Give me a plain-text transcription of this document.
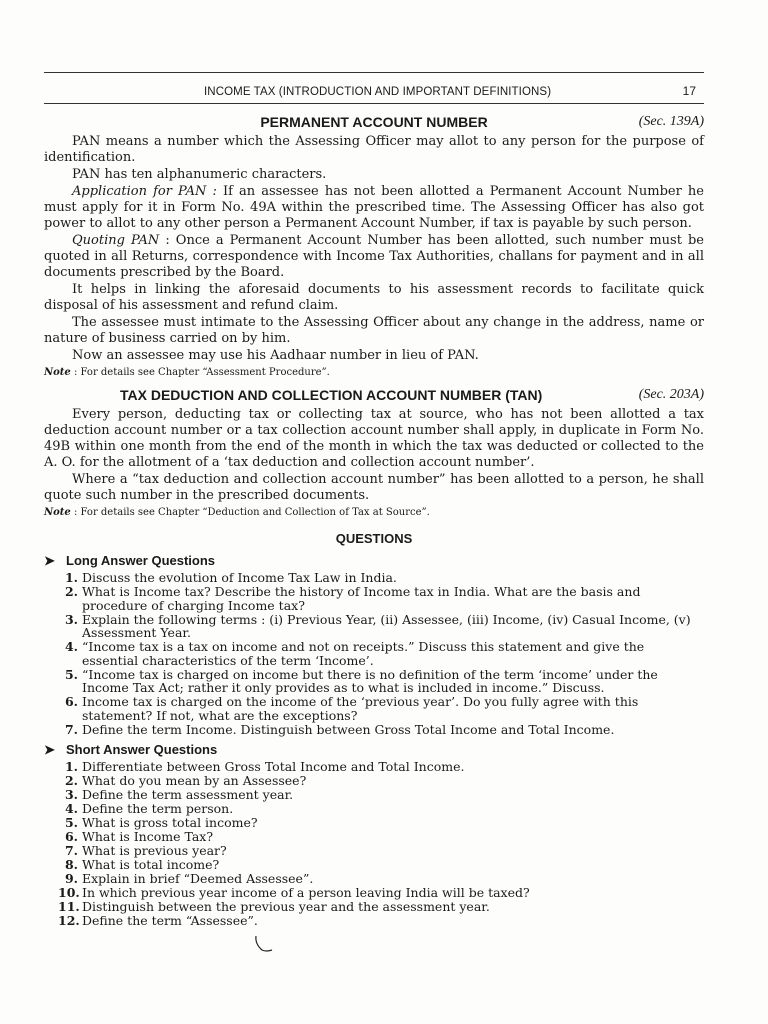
INCOME TAX (INTRODUCTION AND IMPORTANT DEFINITIONS)	17
PERMANENT ACCOUNT NUMBER	(Sec. 139A)

PAN means a number which the Assessing Officer may allot to any person for the purpose of identification.

PAN has ten alphanumeric characters.

Application for PAN : If an assessee has not been allotted a Permanent Account Number he must apply for it in Form No. 49A within the prescribed time. The Assessing Officer has also got power to allot to any other person a Permanent Account Number, if tax is payable by such person.

Quoting PAN : Once a Permanent Account Number has been allotted, such number must be quoted in all Returns, correspondence with Income Tax Authorities, challans for payment and in all documents prescribed by the Board.

It helps in linking the aforesaid documents to his assessment records to facilitate quick disposal of his assessment and refund claim.

The assessee must intimate to the Assessing Officer about any change in the address, name or nature of business carried on by him.

Now an assessee may use his Aadhaar number in lieu of PAN.

Note : For details see Chapter “Assessment Procedure”.
TAX DEDUCTION AND COLLECTION ACCOUNT NUMBER (TAN)	(Sec. 203A)

Every person, deducting tax or collecting tax at source, who has not been allotted a tax deduction account number or a tax collection account number shall apply, in duplicate in Form No. 49B within one month from the end of the month in which the tax was deducted or collected to the A. O. for the allotment of a ‘tax deduction and collection account number’.

Where a “tax deduction and collection account number” has been allotted to a person, he shall quote such number in the prescribed documents.

Note : For details see Chapter “Deduction and Collection of Tax at Source”.
QUESTIONS
➤ Long Answer Questions
1. Discuss the evolution of Income Tax Law in India.
2. What is Income tax? Describe the history of Income tax in India. What are the basis and procedure of charging Income tax?
3. Explain the following terms : (i) Previous Year, (ii) Assessee, (iii) Income, (iv) Casual Income, (v) Assessment Year.
4. “Income tax is a tax on income and not on receipts.” Discuss this statement and give the essential characteristics of the term ‘Income’.
5. “Income tax is charged on income but there is no definition of the term ‘income’ under the Income Tax Act; rather it only provides as to what is included in income.” Discuss.
6. Income tax is charged on the income of the ‘previous year’. Do you fully agree with this statement? If not, what are the exceptions?
7. Define the term Income. Distinguish between Gross Total Income and Total Income.
➤ Short Answer Questions
1. Differentiate between Gross Total Income and Total Income.
2. What do you mean by an Assessee?
3. Define the term assessment year.
4. Define the term person.
5. What is gross total income?
6. What is Income Tax?
7. What is previous year?
8. What is total income?
9. Explain in brief “Deemed Assessee”.
10. In which previous year income of a person leaving India will be taxed?
11. Distinguish between the previous year and the assessment year.
12. Define the term “Assessee”.
